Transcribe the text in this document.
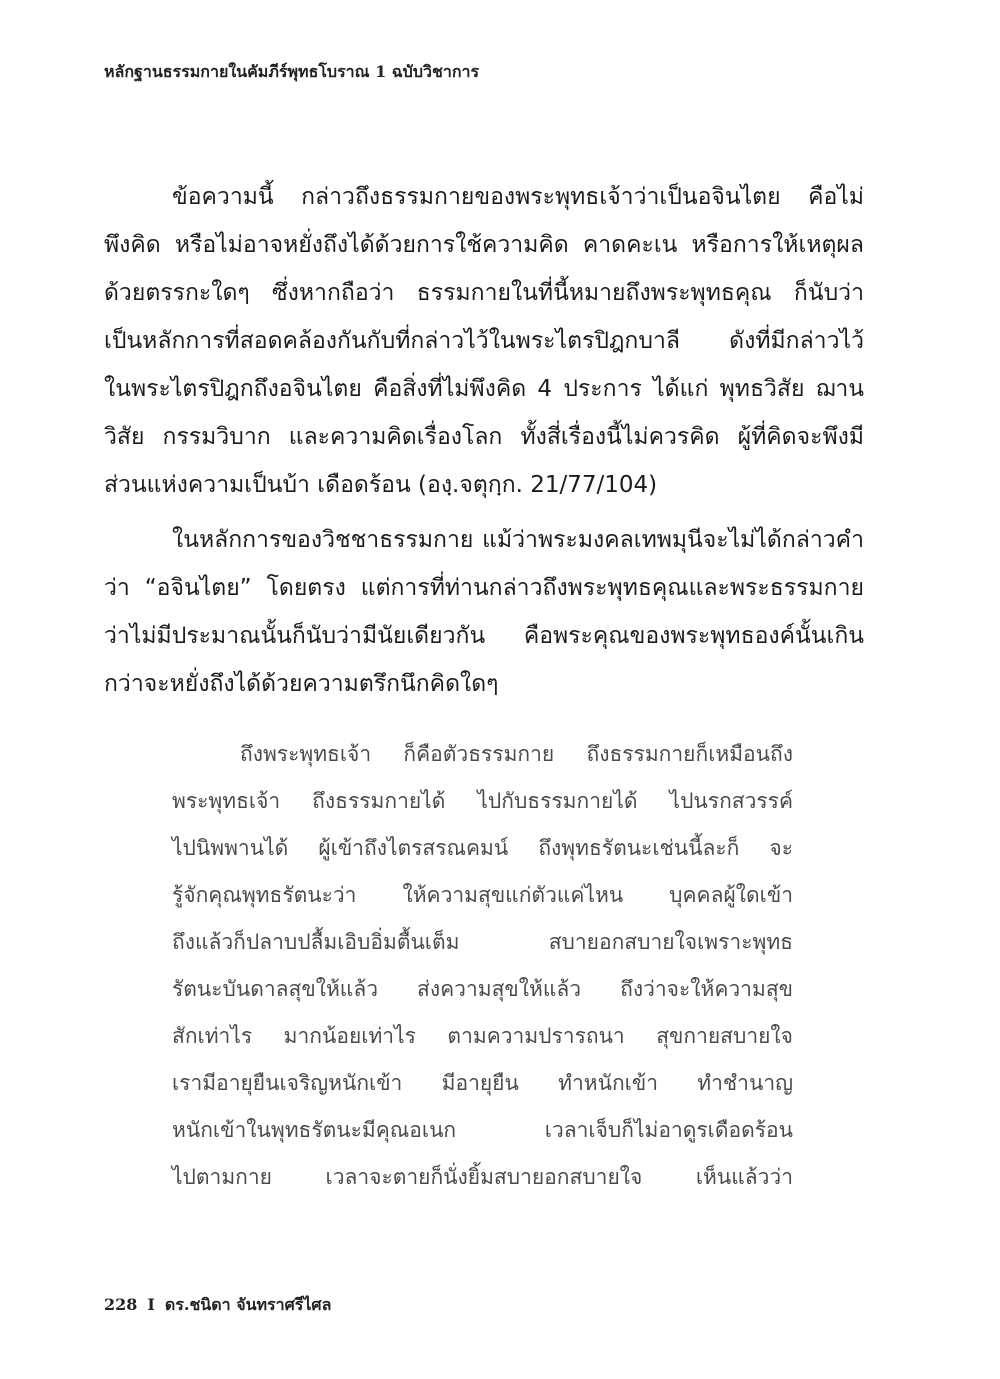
หลักฐานธรรมกายในคัมภีร์พุทธโบราณ 1 ฉบับวิชาการ
ข้อความนี้ กล่าวถึงธรรมกายของพระพุทธเจ้าว่าเป็นอจินไตย คือไม่
พึงคิด หรือไม่อาจหยั่งถึงได้ด้วยการใช้ความคิด คาดคะเน หรือการให้เหตุผล
ด้วยตรรกะใดๆ ซึ่งหากถือว่า ธรรมกายในที่นี้หมายถึงพระพุทธคุณ ก็นับว่า
เป็นหลักการที่สอดคล้องกันกับที่กล่าวไว้ในพระไตรปิฎกบาลี ดังที่มีกล่าวไว้
ในพระไตรปิฎกถึงอจินไตย คือสิ่งที่ไม่พึงคิด 4 ประการ ได้แก่ พุทธวิสัย ฌาน
วิสัย กรรมวิบาก และความคิดเรื่องโลก ทั้งสี่เรื่องนี้ไม่ควรคิด ผู้ที่คิดจะพึงมี
ส่วนแห่งความเป็นบ้า เดือดร้อน (องฺ.จตุกฺก. 21/77/104)
ในหลักการของวิชชาธรรมกาย แม้ว่าพระมงคลเทพมุนีจะไม่ได้กล่าวคำ
ว่า “อจินไตย” โดยตรง แต่การที่ท่านกล่าวถึงพระพุทธคุณและพระธรรมกาย
ว่าไม่มีประมาณนั้นก็นับว่ามีนัยเดียวกัน คือพระคุณของพระพุทธองค์นั้นเกิน
กว่าจะหยั่งถึงได้ด้วยความตรึกนึกคิดใดๆ
ถึงพระพุทธเจ้า ก็คือตัวธรรมกาย ถึงธรรมกายก็เหมือนถึง
พระพุทธเจ้า ถึงธรรมกายได้ ไปกับธรรมกายได้ ไปนรกสวรรค์
ไปนิพพานได้ ผู้เข้าถึงไตรสรณคมน์ ถึงพุทธรัตนะเช่นนี้ละก็ จะ
รู้จักคุณพุทธรัตนะว่า ให้ความสุขแก่ตัวแค่ไหน บุคคลผู้ใดเข้า
ถึงแล้วก็ปลาบปลื้มเอิบอิ่มตื้นเต็ม สบายอกสบายใจเพราะพุทธ
รัตนะบันดาลสุขให้แล้ว ส่งความสุขให้แล้ว ถึงว่าจะให้ความสุข
สักเท่าไร มากน้อยเท่าไร ตามความปรารถนา สุขกายสบายใจ
เรามีอายุยืนเจริญหนักเข้า มีอายุยืน ทำหนักเข้า ทำชำนาญ
หนักเข้าในพุทธรัตนะมีคุณอเนก เวลาเจ็บก็ไม่อาดูรเดือดร้อน
ไปตามกาย เวลาจะตายก็นั่งยิ้มสบายอกสบายใจ เห็นแล้วว่า
228 I ดร.ชนิดา จันทราศรีไศล
